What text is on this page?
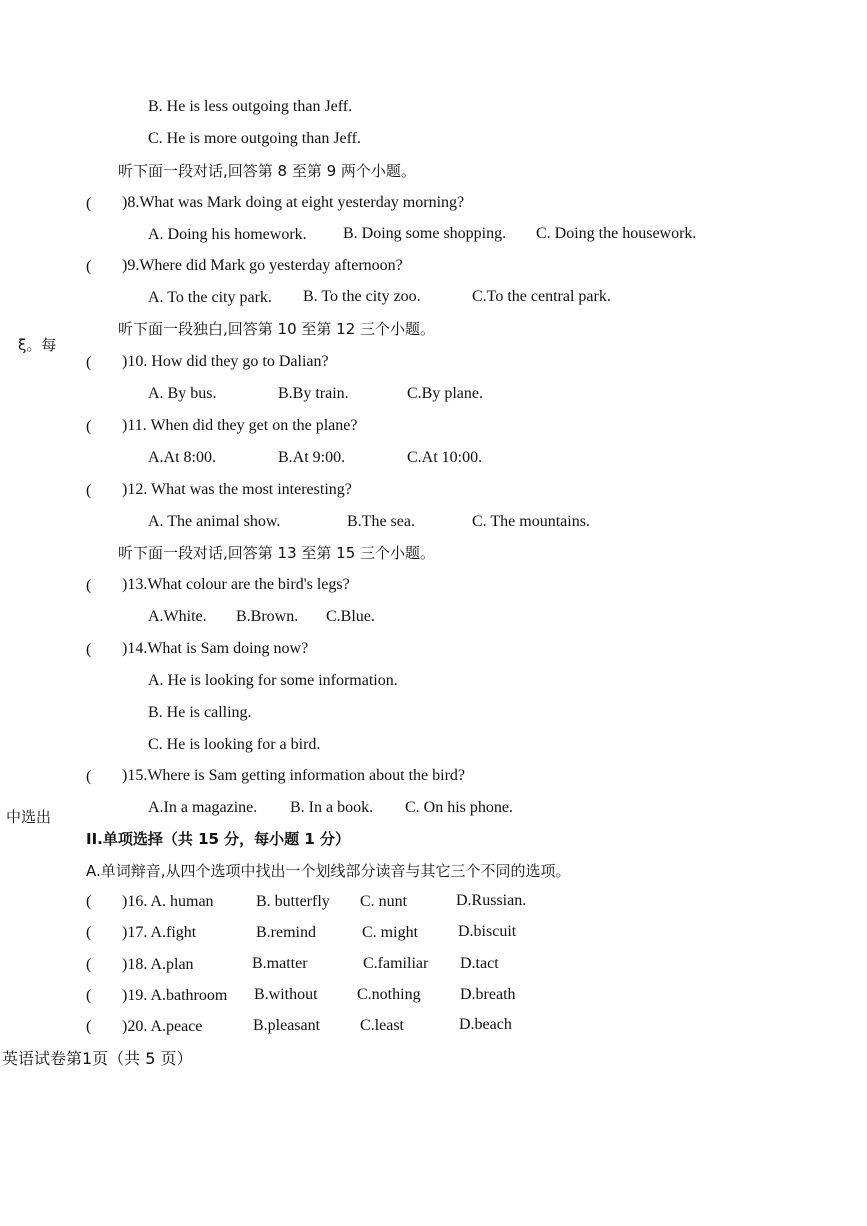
ξ。每
中选出
B. He is less outgoing than Jeff.
C. He is more outgoing than Jeff.
听下面一段对话,回答第 8 至第 9 两个小题。
( )8.What was Mark doing at eight yesterday morning?
A. Doing his homework. B. Doing some shopping. C. Doing the housework.
( )9.Where did Mark go yesterday afternoon?
A. To the city park. B. To the city zoo.	C.To the central park.
听下面一段独白,回答第 10 至第 12 三个小题。
( )10. How did they go to Dalian?
A. By bus.	B.By train.	C.By plane.
( )11. When did they get on the plane?
A.At 8:00.	B.At 9:00.	C.At 10:00.
( )12. What was the most interesting?
A. The animal show.	B.The sea.	C. The mountains.
听下面一段对话,回答第 13 至第 15 三个小题。
( )13.What colour are the bird's legs?
A.White. B.Brown. C.Blue.
( )14.What is Sam doing now?
A. He is looking for some information.
B. He is calling.
C. He is looking for a bird.
( )15.Where is Sam getting information about the bird?
A.In a magazine. B. In a book. C. On his phone.
II.单项选择（共 15 分，每小题 1 分）
A.单词辩音,从四个选项中找出一个划线部分读音与其它三个不同的选项。
( )16. A. human	B. butterfly C. nunt	D.Russian.
( )17. A.fight	B.remind	C. might D.biscuit
( )18. A.plan	B.matter	C.familiar D.tact
( )19. A.bathroom B.without C.nothing D.breath
( )20. A.peace	B.pleasant C.least	D.beach
英语试卷第1页（共 5 页）
